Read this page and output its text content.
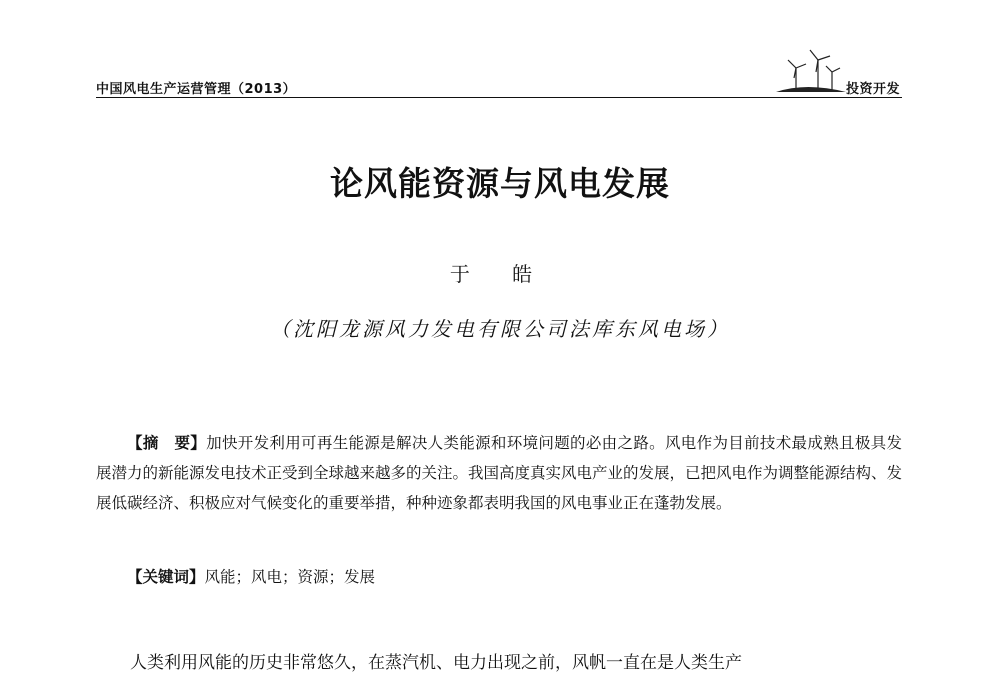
中国风电生产运营管理（2013）	投资开发
论风能资源与风电发展
于 皓
（沈阳龙源风力发电有限公司法库东风电场）
【摘　要】加快开发利用可再生能源是解决人类能源和环境问题的必由之路。风电作为目前技术最成熟且极具发展潜力的新能源发电技术正受到全球越来越多的关注。我国高度真实风电产业的发展，已把风电作为调整能源结构、发展低碳经济、积极应对气候变化的重要举措，种种迹象都表明我国的风电事业正在蓬勃发展。
【关键词】风能；风电；资源；发展
人类利用风能的历史非常悠久，在蒸汽机、电力出现之前，风帆一直在是人类生产
